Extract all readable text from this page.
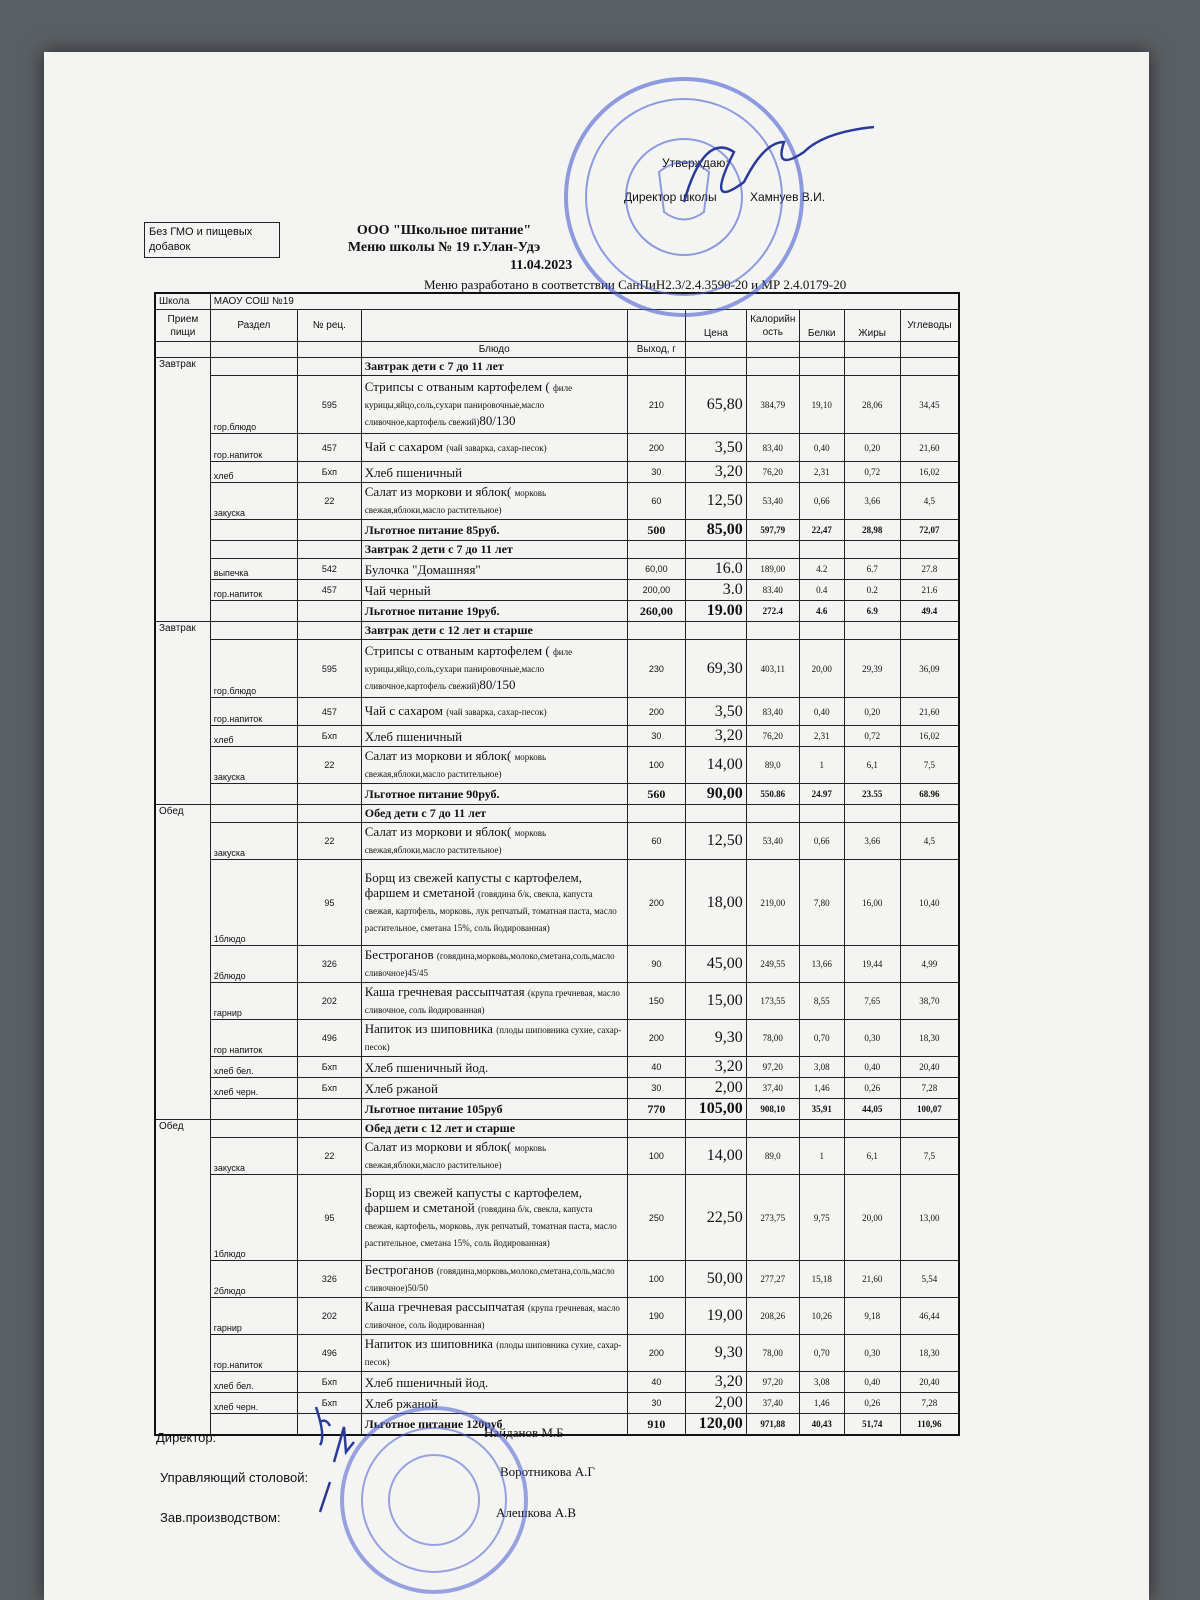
Без ГМО и пищевых добавок
ООО "Школьное питание"
Меню школы № 19 г.Улан-Удэ
11.04.2023
Меню разработано в соответствии СанПиН2.3/2.4.3590-20 и МР 2.4.0179-20
Утверждаю:
Директор школы	Хамнуев В.И.
Школа	МАОУ СОШ №19								
Прием пищи	Раздел	№ рец.			Цена	Калорийность	Белки	Жиры	Углеводы
			Блюдо	Выход, г					
Завтрак			Завтрак дети с 7 до 11 лет						
	гор.блюдо	595	Стрипсы с отваным картофелем ( филе курицы,яйцо,соль,сухари панировочные,масло сливочное,картофель свежий)80/130	210	65,80	384,79	19,10	28,06	34,45
	гор.напиток	457	Чай с сахаром (чай заварка, сахар-песок)	200	3,50	83,40	0,40	0,20	21,60
	хлеб	Бхп	Хлеб пшеничный	30	3,20	76,20	2,31	0,72	16,02
	закуска	22	Салат из моркови и яблок( морковь свежая,яблоки,масло растительное)	60	12,50	53,40	0,66	3,66	4,5
			Льготное питание 85руб.	500	85,00	597,79	22,47	28,98	72,07
			Завтрак 2 дети с 7 до 11 лет						
	выпечка	542	Булочка "Домашняя"	60,00	16.0	189,00	4.2	6.7	27.8
	гор.напиток	457	Чай черный	200,00	3.0	83.40	0.4	0.2	21.6
			Льготное питание 19руб.	260,00	19.00	272.4	4.6	6.9	49.4
Завтрак			Завтрак дети с 12 лет и старше						
	гор.блюдо	595	Стрипсы с отваным картофелем ( филе курицы,яйцо,соль,сухари панировочные,масло сливочное,картофель свежий)80/150	230	69,30	403,11	20,00	29,39	36,09
	гор.напиток	457	Чай с сахаром (чай заварка, сахар-песок)	200	3,50	83,40	0,40	0,20	21,60
	хлеб	Бхп	Хлеб пшеничный	30	3,20	76,20	2,31	0,72	16,02
	закуска	22	Салат из моркови и яблок( морковь свежая,яблоки,масло растительное)	100	14,00	89,0	1	6,1	7,5
			Льготное питание 90руб.	560	90,00	550.86	24.97	23.55	68.96
Обед			Обед дети с 7 до 11 лет						
	закуска	22	Салат из моркови и яблок( морковь свежая,яблоки,масло растительное)	60	12,50	53,40	0,66	3,66	4,5
	1блюдо	95	Борщ из свежей капусты с картофелем, фаршем и сметаной (говядина б/к, свекла, капуста свежая, картофель, морковь, лук репчатый, томатная паста, масло растительное, сметана 15%, соль йодированная)	200	18,00	219,00	7,80	16,00	10,40
	2блюдо	326	Бестроганов (говядина,морковь,молоко,сметана,соль,масло сливочное)45/45	90	45,00	249,55	13,66	19,44	4,99
	гарнир	202	Каша гречневая рассыпчатая (крупа гречневая, масло сливочное, соль йодированная)	150	15,00	173,55	8,55	7,65	38,70
	гор напиток	496	Напиток из шиповника (плоды шиповника сухие, сахар-песок)	200	9,30	78,00	0,70	0,30	18,30
	хлеб бел.	Бхп	Хлеб пшеничный йод.	40	3,20	97,20	3,08	0,40	20,40
	хлеб черн.	Бхп	Хлеб ржаной	30	2,00	37,40	1,46	0,26	7,28
			Льготное питание 105руб	770	105,00	908,10	35,91	44,05	100,07
Обед			Обед дети с 12 лет и старше						
	закуска	22	Салат из моркови и яблок( морковь свежая,яблоки,масло растительное)	100	14,00	89,0	1	6,1	7,5
	1блюдо	95	Борщ из свежей капусты с картофелем, фаршем и сметаной (говядина б/к, свекла, капуста свежая, картофель, морковь, лук репчатый, томатная паста, масло растительное, сметана 15%, соль йодированная)	250	22,50	273,75	9,75	20,00	13,00
	2блюдо	326	Бестроганов (говядина,морковь,молоко,сметана,соль,масло сливочное)50/50	100	50,00	277,27	15,18	21,60	5,54
	гарнир	202	Каша гречневая рассыпчатая (крупа гречневая, масло сливочное, соль йодированная)	190	19,00	208,26	10,26	9,18	46,44
	гор.напиток	496	Напиток из шиповника (плоды шиповника сухие, сахар-песок)	200	9,30	78,00	0,70	0,30	18,30
	хлеб бел.	Бхп	Хлеб пшеничный йод.	40	3,20	97,20	3,08	0,40	20,40
	хлеб черн.	Бхп	Хлеб ржаной	30	2,00	37,40	1,46	0,26	7,28
			Льготное питание 120руб	910	120,00	971,88	40,43	51,74	110,96
Директор:	Найданов М.Б
Управляющий столовой:	Воротникова А.Г
Зав.производством:	Алешкова А.В
